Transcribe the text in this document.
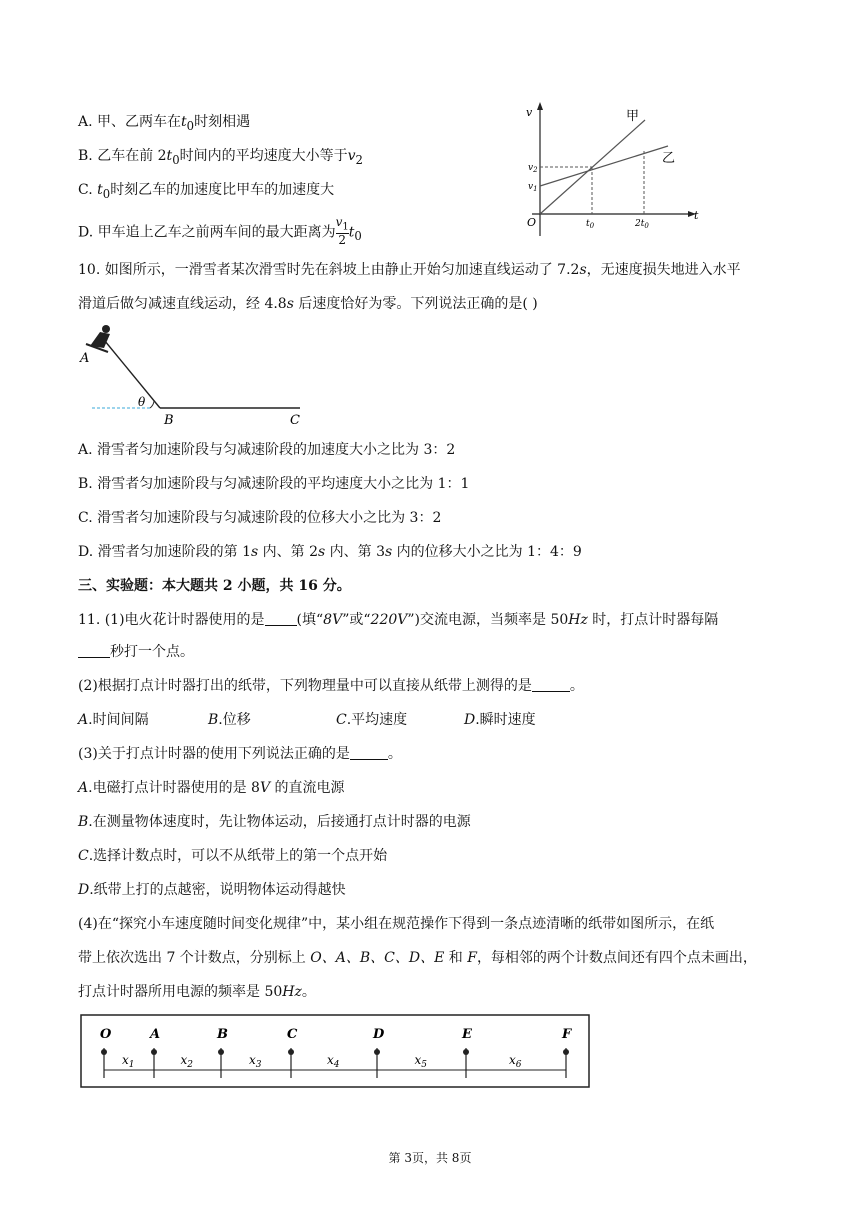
A. 甲、乙两车在$t_0$时刻相遇
B. 乙车在前 $2t_0$时间内的平均速度大小等于$v_2$
C. $t_0$时刻乙车的加速度比甲车的加速度大
D. 甲车追上乙车之前两车间的最大距离为 $\frac{v_1}{2} t_0$
v
t
O
$v_2$
$v_1$
$t_0$	$2t_0$
甲
乙
10. 如图所示，一滑雪者某次滑雪时先在斜坡上由静止开始匀加速直线运动了 7.2s，无速度损失地进入水平
滑道后做匀减速直线运动，经 4.8s 后速度恰好为零。下列说法正确的是( )
A
θ
B	C
A. 滑雪者匀加速阶段与匀减速阶段的加速度大小之比为 3：2
B. 滑雪者匀加速阶段与匀减速阶段的平均速度大小之比为 1：1
C. 滑雪者匀加速阶段与匀减速阶段的位移大小之比为 3：2
D. 滑雪者匀加速阶段的第 1s 内、第 2s 内、第 3s 内的位移大小之比为 1：4：9
三、实验题：本大题共 2 小题，共 16 分。
11. (1)电火花计时器使用的是 (填“8V”或“220V”)交流电源，当频率是 50Hz 时，打点计时器每隔
秒打一个点。
(2)根据打点计时器打出的纸带，下列物理量中可以直接从纸带上测得的是	。
A.时间间隔	B.位移	C.平均速度	D.瞬时速度
(3)关于打点计时器的使用下列说法正确的是	。
A.电磁打点计时器使用的是 8V 的直流电源
B.在测量物体速度时，先让物体运动，后接通打点计时器的电源
C.选择计数点时，可以不从纸带上的第一个点开始
D.纸带上打的点越密，说明物体运动得越快
(4)在“探究小车速度随时间变化规律”中，某小组在规范操作下得到一条点迹清晰的纸带如图所示，在纸
带上依次选出 7 个计数点，分别标上 O、A、B、C、D、E 和 F，每相邻的两个计数点间还有四个点未画出，
打点计时器所用电源的频率是 50Hz。
O	A	B	C	D	E	F
$x_1$	$x_2$	$x_3$	$x_4$	$x_5$	$x_6$
第 3页，共 8页
